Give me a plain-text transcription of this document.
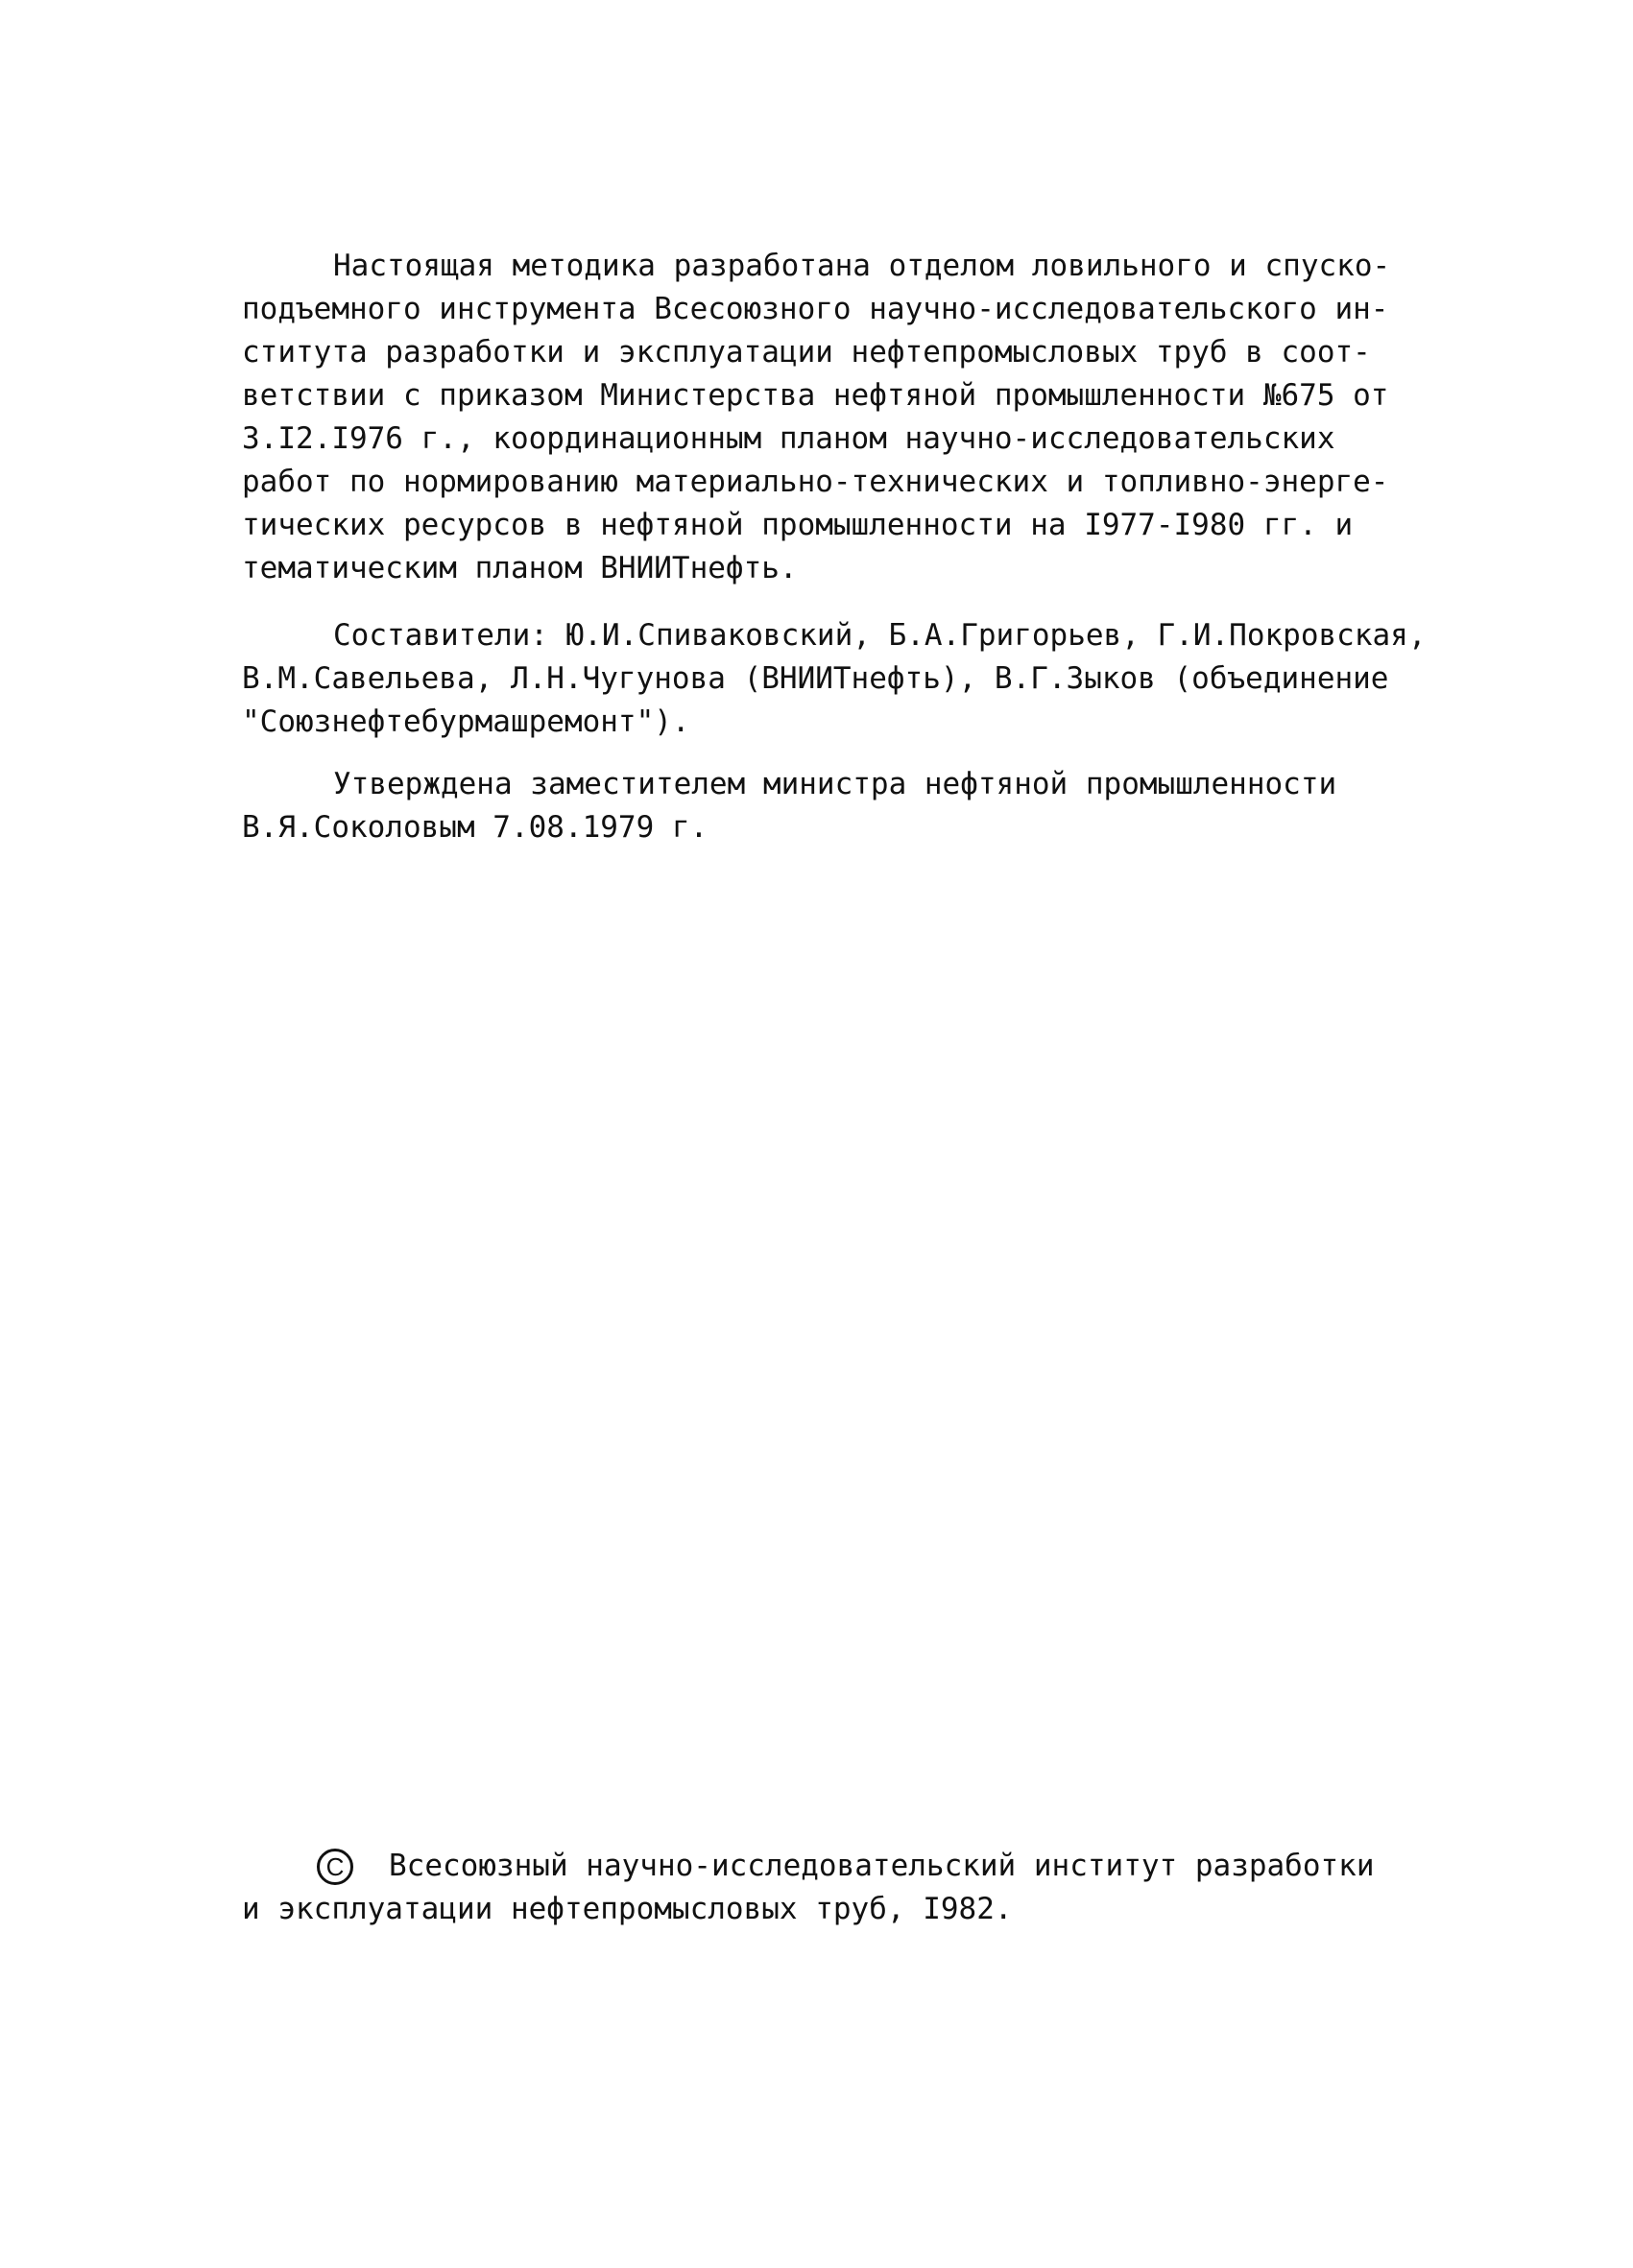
Настоящая методика разработана отделом ловильного и спуско-
подъемного инструмента Всесоюзного научно-исследовательского ин-
ститута разработки и эксплуатации нефтепромысловых труб в соот-
ветствии с приказом Министерства нефтяной промышленности №675 от
3.I2.I976 г., координационным планом научно-исследовательских
работ по нормированию материально-технических и топливно-энерге-
тических ресурсов в нефтяной промышленности на I977-I980 гг. и
тематическим планом ВНИИТнефть.
Составители: Ю.И.Спиваковский, Б.А.Григорьев, Г.И.Покровская,
В.М.Савельева, Л.Н.Чугунова (ВНИИТнефть), В.Г.Зыков (объединение
"Союзнефтебурмашремонт").
Утверждена заместителем министра нефтяной промышленности
В.Я.Соколовым 7.08.1979 г.
C	Всесоюзный научно-исследовательский институт разработки
и эксплуатации нефтепромысловых труб, I982.
